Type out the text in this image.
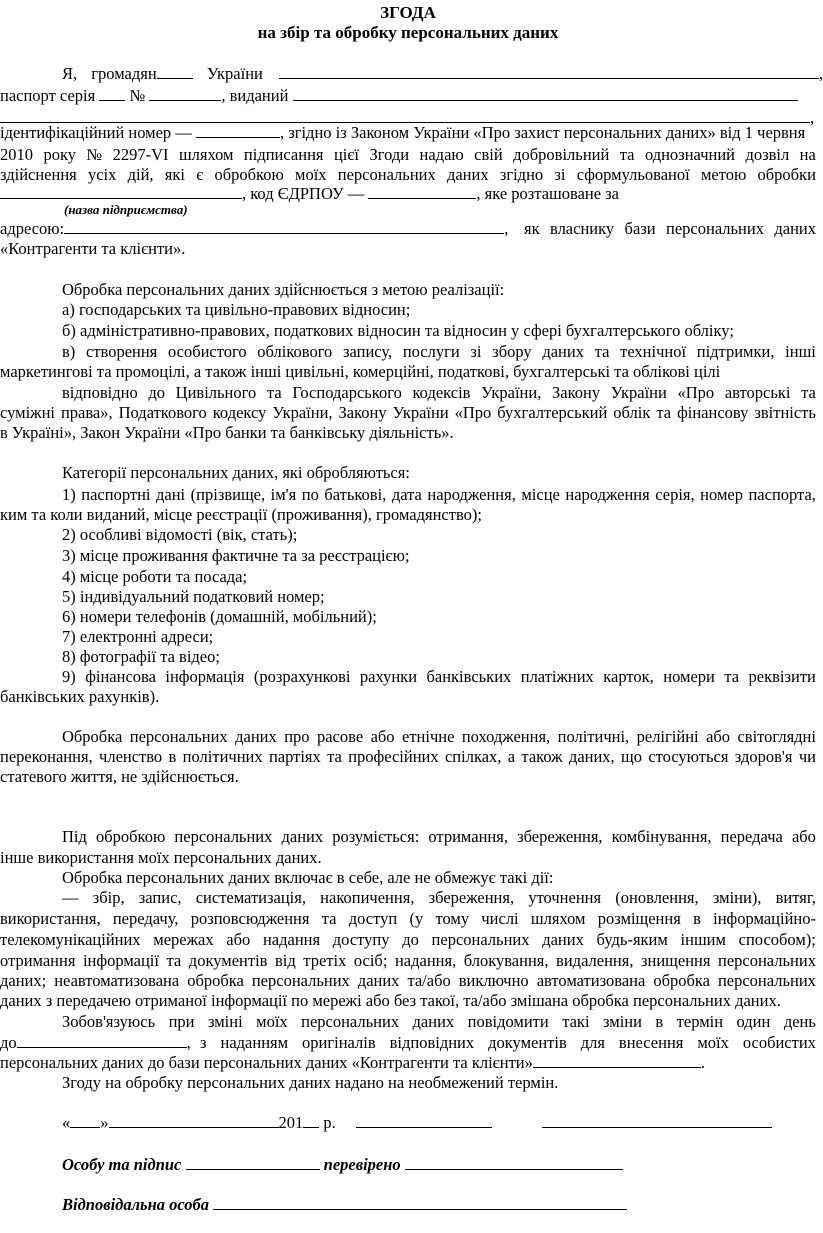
ЗГОДА
на збір та обробку персональних даних
Я, громадян	України	,
паспорт серія №	, виданий
,
ідентифікаційний номер —	, згідно із Законом України «Про захист персональних даних» від 1 червня
2010 року № 2297-VI шляхом підписання цієї Згоди надаю свій добровільний та однозначний дозвіл на
здійснення усіх дій, які є обробкою моїх персональних даних згідно зі сформульованої метою обробки
, код ЄДРПОУ —	, яке розташоване за
(назва підприємства)
адресою:	, як власнику бази персональних даних
«Контрагенти та клієнти».
Обробка персональних даних здійснюється з метою реалізації:
а) господарських та цивільно-правових відносин;
б) адміністративно-правових, податкових відносин та відносин у сфері бухгалтерського обліку;
в) створення особистого облікового запису, послуги зі збору даних та технічної підтримки, інші
маркетингові та промоцілі, а також інші цивільні, комерційні, податкові, бухгалтерські та облікові цілі
відповідно до Цивільного та Господарського кодексів України, Закону України «Про авторські та
суміжні права», Податкового кодексу України, Закону України «Про бухгалтерський облік та фінансову звітність
в Україні», Закон України «Про банки та банківську діяльність».
Категорії персональних даних, які обробляються:
1) паспортні дані (прізвище, ім'я по батькові, дата народження, місце народження серія, номер паспорта,
ким та коли виданий, місце реєстрації (проживання), громадянство);
2) особливі відомості (вік, стать);
3) місце проживання фактичне та за реєстрацією;
4) місце роботи та посада;
5) індивідуальний податковий номер;
6) номери телефонів (домашній, мобільний);
7) електронні адреси;
8) фотографії та відео;
9) фінансова інформація (розрахункові рахунки банківських платіжних карток, номери та реквізити
банківських рахунків).
Обробка персональних даних про расове або етнічне походження, політичні, релігійні або світоглядні
переконання, членство в політичних партіях та професійних спілках, а також даних, що стосуються здоров'я чи
статевого життя, не здійснюється.
Під обробкою персональних даних розуміється: отримання, збереження, комбінування, передача або
інше використання моїх персональних даних.
Обробка персональних даних включає в себе, але не обмежує такі дії:
— збір, запис, систематизація, накопичення, збереження, уточнення (оновлення, зміни), витяг,
використання, передачу, розповсюдження та доступ (у тому числі шляхом розміщення в інформаційно-
телекомунікаційних мережах або надання доступу до персональних даних будь-яким іншим способом);
отримання інформації та документів від третіх осіб; надання, блокування, видалення, знищення персональних
даних; неавтоматизована обробка персональних даних та/або виключно автоматизована обробка персональних
даних з передачею отриманої інформації по мережі або без такої, та/або змішана обробка персональних даних.
Зобов'язуюсь при зміні моїх персональних даних повідомити такі зміни в термін один день
до	, з наданням оригіналів відповідних документів для внесення моїх особистих
персональних даних до бази персональних даних «Контрагенти та клієнти»	.
Згоду на обробку персональних даних надано на необмежений термін.
« »	201 р.
Особу та підпис	перевірено
Відповідальна особа
